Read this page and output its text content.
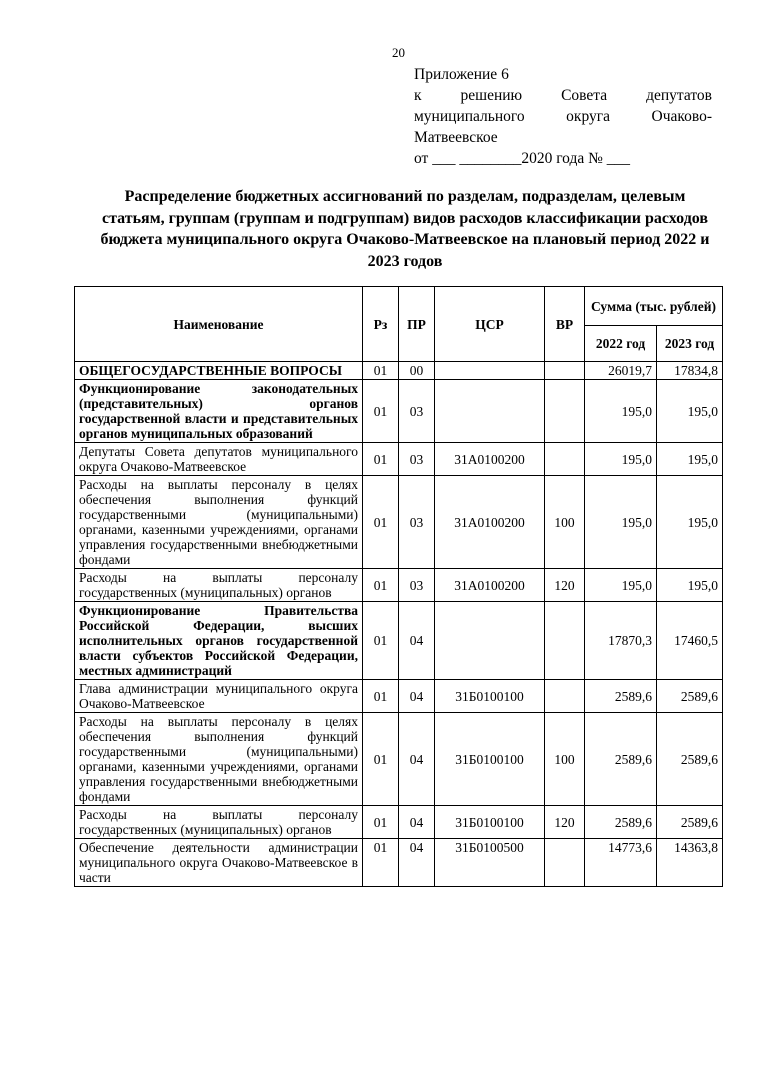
20
Приложение 6
к решению Совета депутатов
муниципального округа Очаково-
Матвеевское
от ___ ________2020 года № ___
Распределение бюджетных ассигнований по разделам, подразделам, целевым статьям, группам (группам и подгруппам) видов расходов классификации расходов бюджета муниципального округа Очаково-Матвеевское на плановый период 2022 и 2023 годов
Наименование	Рз	ПР	ЦСР	ВР	Сумма (тыс. рублей)	
					2022 год	2023 год
ОБЩЕГОСУДАРСТВЕННЫЕ ВОПРОСЫ	01	00			26019,7	17834,8
Функционирование законодательных (представительных) органов государственной власти и представительных органов муниципальных образований	01	03			195,0	195,0
Депутаты Совета депутатов муниципального округа Очаково-Матвеевское	01	03	31А0100200		195,0	195,0
Расходы на выплаты персоналу в целях обеспечения выполнения функций государственными (муниципальными) органами, казенными учреждениями, органами управления государственными внебюджетными фондами	01	03	31А0100200	100	195,0	195,0
Расходы на выплаты персоналу государственных (муниципальных) органов	01	03	31А0100200	120	195,0	195,0
Функционирование Правительства Российской Федерации, высших исполнительных органов государственной власти субъектов Российской Федерации, местных администраций	01	04			17870,3	17460,5
Глава администрации муниципального округа Очаково-Матвеевское	01	04	31Б0100100		2589,6	2589,6
Расходы на выплаты персоналу в целях обеспечения выполнения функций государственными (муниципальными) органами, казенными учреждениями, органами управления государственными внебюджетными фондами	01	04	31Б0100100	100	2589,6	2589,6
Расходы на выплаты персоналу государственных (муниципальных) органов	01	04	31Б0100100	120	2589,6	2589,6
Обеспечение деятельности администрации муниципального округа Очаково-Матвеевское в части	01	04	31Б0100500		14773,6	14363,8
